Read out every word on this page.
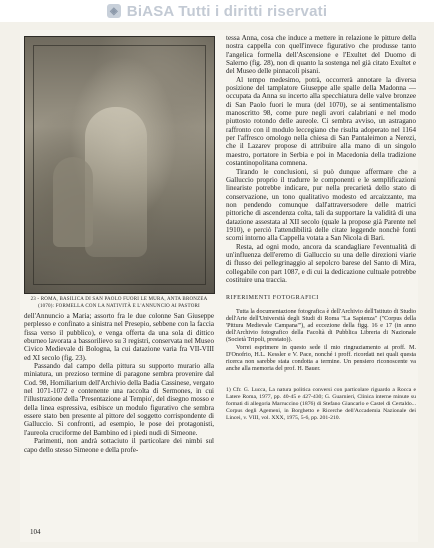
◈ BiASA Tutti i diritti riservati
23 - ROMA, BASILICA DI SAN PAOLO FUORI LE MURA, ANTA BRONZEA (1070): FORMELLA CON LA NATIVITÀ E L'ANNUNCIO AI PASTORI

dell'Annuncio a Maria; assorto fra le due colonne San Giuseppe perplesso e confinato a sinistra nel Presepio, sebbene con la faccia fissa verso il pubblico), e venga offerta da una sola di dittico eburneo lavorata a bassorilievo su 3 registri, conservata nel Museo Civico Medievale di Bologna, la cui datazione varia fra VII-VIII ed XI secolo (fig. 23).

Passando dal campo della pittura su supporto murario alla miniatura, un prezioso termine di paragone sembra provenire dal Cod. 98, Homiliarium dell'Archivio della Badia Cassinese, vergato nel 1071-1072 e contenente una raccolta di Sermones, in cui l'illustrazione della 'Presentazione al Tempio', del disegno mosso e della linea espressiva, esibisce un modulo figurativo che sembra essere stato ben presente al pittore del soggetto corrispondente di Galluccio. Si confronti, ad esempio, le pose dei protagonisti, l'aureola cruciforme del Bambino ed i piedi nudi di Simeone.

Parimenti, non andrà sottaciuto il particolare dei nimbi sul capo dello stesso Simeone e della profe-

tessa Anna, cosa che induce a mettere in relazione le pitture della nostra cappella con quell'invece figurativo che produsse tanto l'angelica formella dell'Ascensione e l'Exultet del Duomo di Salerno (fig. 28), non di quanto la sostenga nel già citato Exultet e del Museo delle pinnacoli pisani.

Al tempo medesimo, potrà, occorrerà annotare la diversa posizione del tamplatore Giuseppe alle spalle della Madonna — occupata da Anna su incerto alla specchiatura delle valve bronzee di San Paolo fuori le mura (del 1070), se ai sentimentalismo manoscritto 98, come pure negli avori calabriani e nel modo piuttosto rotondo delle aureole. Ci sembra avviso, un astragano raffronto con il modulo leccegiano che risulta adoperato nel 1164 per l'affresco omologo nella chiesa di San Pantaleimon a Nerezi, che il Lazarev propose di attribuire alla mano di un singolo maestro, portatore in Serbia e poi in Macedonia della tradizione costantinopolitana comnena.

Tirando le conclusioni, si può dunque affermare che a Galluccio proprio il tradurre le componenti e le semplificazioni lineariste potrebbe indicare, pur nella precarietà dello stato di conservazione, un tono qualitativo modesto ed arcaizzante, ma non pendendo comunque dall'attraversodere delle matrici pittoriche di ascendenza colta, tali da supportare la validità di una datazione assestata al XII secolo (quale la propose già Parente nel 1910), e perciò l'attendibilità delle citate leggende nonchè fonti scorni intorno alla Cappella votata a San Nicola di Bari.

Resta, ad ogni modo, ancora da scandagliare l'eventualità di un'influenza dell'eremo di Galluccio su una delle direzioni viarie di flusso dei pellegrinaggio al sepolcro barese del Santo di Mira, collegabile con part 1087, e di cui la dedicazione cultuale potrebbe costituire una traccia.

RIFERIMENTI FOTOGRAFICI

Tutta la documentazione fotografica è dell'Archivio dell'Istituto di Studio dell'Arte dell'Università degli Studi di Roma "La Sapienza" ("Corpus della 'Pittura Medievale Campana'"), ad eccezione della figg. 16 e 17 (in anno dell'Archivio fotografico della Facoltà di Pubblica Libreria di Nazionale (Società Tripoli, prestato)).

Vorrei esprimere in questo sede il mio ringraziamento ai proff. M. D'Onofrio, H.L. Kessler e V. Pace, nonché i proff. ricordati nei quali questa ricerca non sarebbe stata condotta a termine. Un pensiero riconoscente va anche alla memoria del prof. H. Bauer.

1) Cfr. G. Lucca, La natura politica conversi con particolare riguardo a Rocca e Latere Roma, 1977, pp. 40-45 e 427-430; G. Guarnieri, Clinica interne minute su formati di allegoria Marruccino (1876) di Stefano Giancarlo e Castel di Certaldo... Corpus degli Agemeni, in Borghetto e Ricerche dell'Accademia Nazionale dei Lincei, v. VIII, vol. XXX, 1975, 5-6, pp. 201-210.

104
